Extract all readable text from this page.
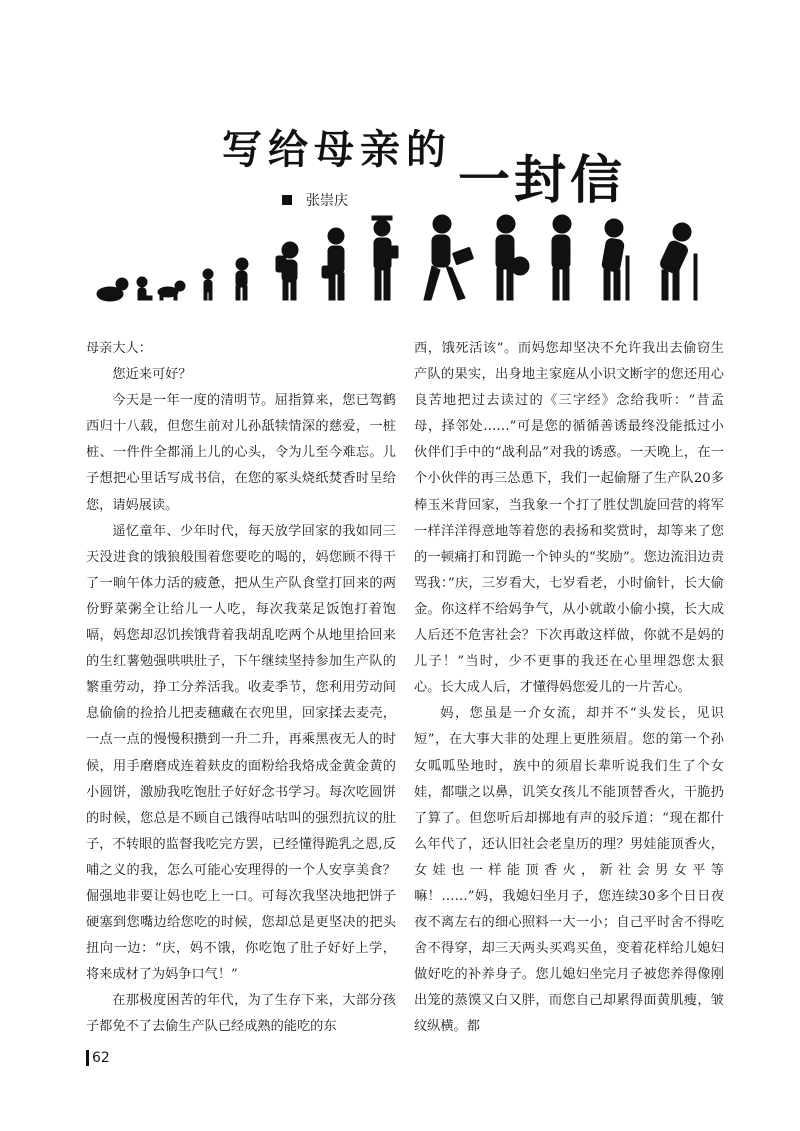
写给母亲的
一封信
张崇庆

母亲大人：

您近来可好？

今天是一年一度的清明节。屈指算来，您已驾鹤西归十八载，但您生前对儿孙舐犊情深的慈爱，一桩桩、一件件全都涌上儿的心头，令为儿至今难忘。儿子想把心里话写成书信，在您的冢头烧纸焚香时呈给您，请妈展读。

遥忆童年、少年时代，每天放学回家的我如同三天没进食的饿狼般围着您要吃的喝的，妈您顾不得干了一晌午体力活的疲惫，把从生产队食堂打回来的两份野菜粥全让给儿一人吃，每次我菜足饭饱打着饱嗝，妈您却忍饥挨饿背着我胡乱吃两个从地里拾回来的生红薯勉强哄哄肚子，下午继续坚持参加生产队的繁重劳动，挣工分养活我。收麦季节，您利用劳动间息偷偷的捡拾儿把麦穗藏在衣兜里，回家揉去麦壳，一点一点的慢慢积攒到一升二升，再乘黑夜无人的时候，用手磨磨成连着麸皮的面粉给我烙成金黄金黄的小圆饼，激励我吃饱肚子好好念书学习。每次吃圆饼的时候，您总是不顾自己饿得咕咕叫的强烈抗议的肚子，不转眼的监督我吃完方罢，已经懂得跪乳之恩,反哺之义的我，怎么可能心安理得的一个人安享美食？倔强地非要让妈也吃上一口。可每次我坚决地把饼子硬塞到您嘴边给您吃的时候，您却总是更坚决的把头扭向一边：“庆，妈不饿，你吃饱了肚子好好上学，将来成材了为妈争口气！”

在那极度困苦的年代，为了生存下来，大部分孩子都免不了去偷生产队已经成熟的能吃的东

西，饿死活该”。而妈您却坚决不允许我出去偷窃生产队的果实，出身地主家庭从小识文断字的您还用心良苦地把过去读过的《三字经》念给我听：“昔孟母，择邻处……”可是您的循循善诱最终没能抵过小伙伴们手中的“战利品”对我的诱惑。一天晚上，在一个小伙伴的再三怂恿下，我们一起偷掰了生产队20多棒玉米背回家，当我象一个打了胜仗凯旋回营的将军一样洋洋得意地等着您的表扬和奖赏时，却等来了您的一顿痛打和罚跪一个钟头的“奖励”。您边流泪边责骂我：”庆，三岁看大，七岁看老，小时偷针，长大偷金。你这样不给妈争气，从小就敢小偷小摸，长大成人后还不危害社会？下次再敢这样做，你就不是妈的儿子！”当时，少不更事的我还在心里埋怨您太狠心。长大成人后，才懂得妈您爱儿的一片苦心。

妈，您虽是一介女流，却并不“头发长，见识短”，在大事大非的处理上更胜须眉。您的第一个孙女呱呱坠地时，族中的须眉长辈听说我们生了个女娃，都嗤之以鼻，讥笑女孩儿不能顶替香火，干脆扔了算了。但您听后却掷地有声的驳斥道：“现在都什么年代了，还认旧社会老皇历的理？男娃能顶香火，女娃也一样能顶香火，新社会男女平等嘛！……”妈，我媳妇坐月子，您连续30多个日日夜夜不离左右的细心照料一大一小；自己平时舍不得吃舍不得穿，却三天两头买鸡买鱼，变着花样给儿媳妇做好吃的补养身子。您儿媳妇坐完月子被您养得像刚出笼的蒸馍又白又胖，而您自己却累得面黄肌瘦，皱纹纵横。都

62
